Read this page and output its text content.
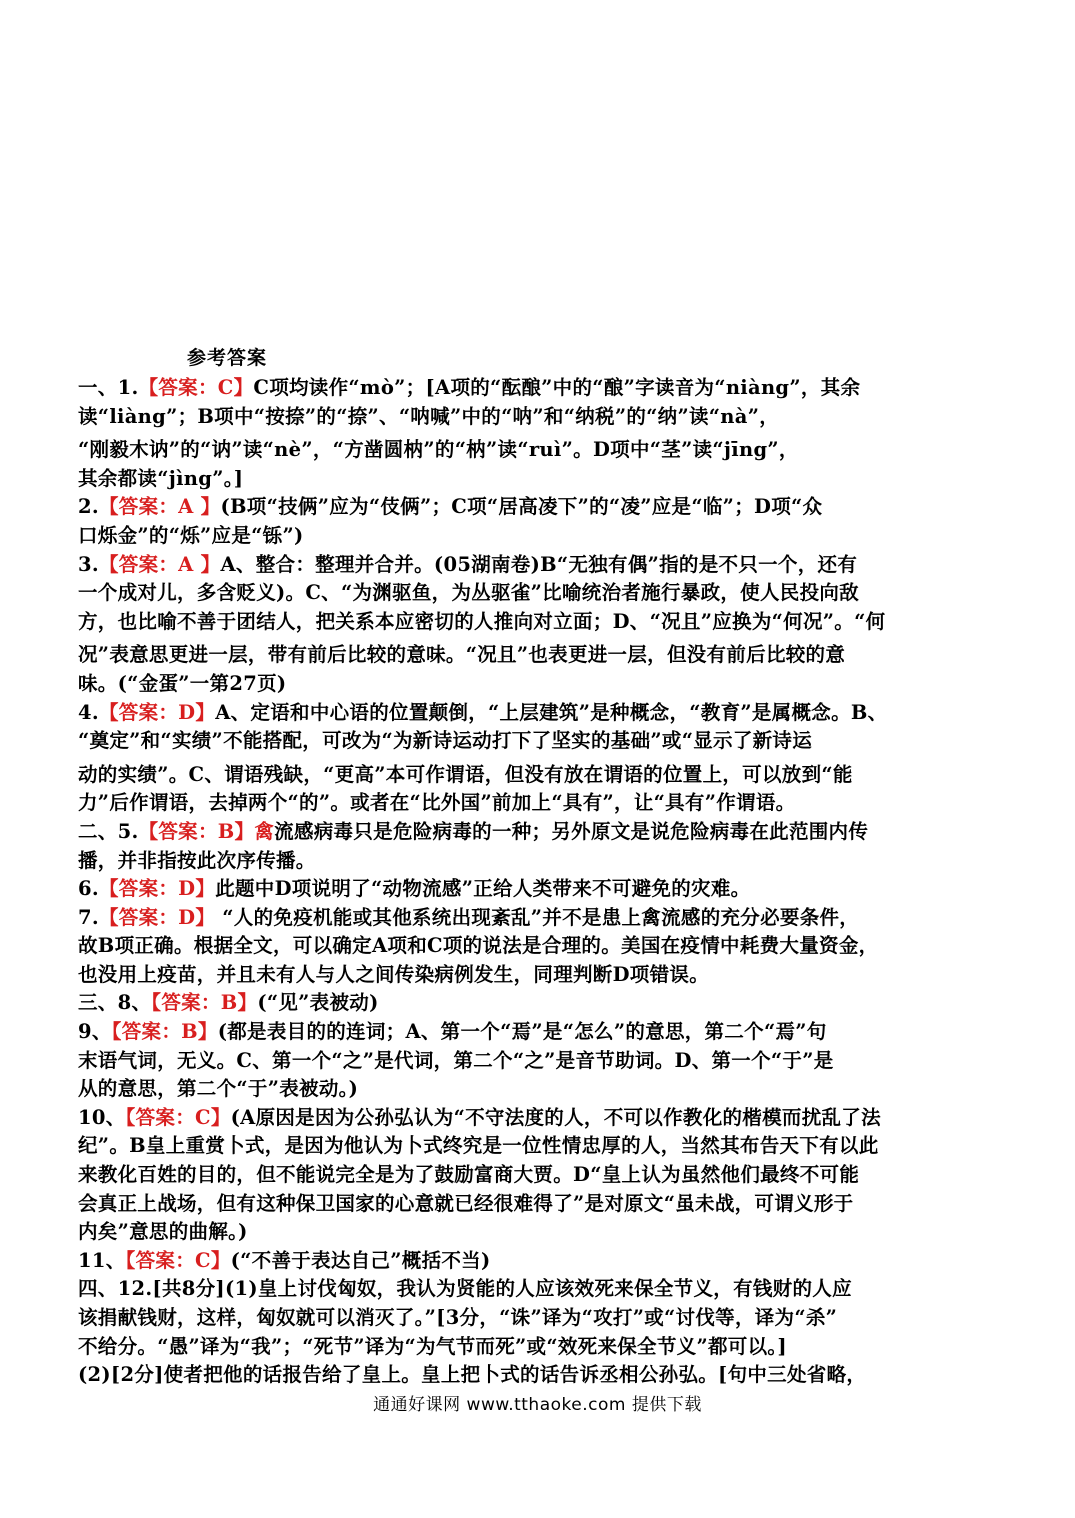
参考答案
一、1.【答案：C】C项均读作“mò”；[A项的“酝酿”中的“酿”字读音为“niàng”，其余
读“liàng”；B项中“按捺”的“捺”、“呐喊”中的“呐”和“纳税”的“纳”读“nà”，
“刚毅木讷”的“讷”读“nè”，“方凿圆枘”的“枘”读“ruì”。D项中“茎”读“jīng”，
其余都读“jìng”。]
2.【答案：A 】(B项“技俩”应为“伎俩”；C项“居高凌下”的“凌”应是“临”；D项“众
口烁金”的“烁”应是“铄”)
3.【答案：A 】A、整合：整理并合并。(05湖南卷)B“无独有偶”指的是不只一个，还有
一个成对儿，多含贬义)。C、“为渊驱鱼，为丛驱雀”比喻统治者施行暴政，使人民投向敌
方，也比喻不善于团结人，把关系本应密切的人推向对立面；D、“况且”应换为“何况”。“何
况”表意思更进一层，带有前后比较的意味。“况且”也表更进一层，但没有前后比较的意
味。(“金蛋”一第27页)
4.【答案：D】A、定语和中心语的位置颠倒，“上层建筑”是种概念，“教育”是属概念。B、
“奠定”和“实绩”不能搭配，可改为“为新诗运动打下了坚实的基础”或“显示了新诗运
动的实绩”。C、谓语残缺，“更高”本可作谓语，但没有放在谓语的位置上，可以放到“能
力”后作谓语，去掉两个“的”。或者在“比外国”前加上“具有”，让“具有”作谓语。
二、5.【答案：B】禽流感病毒只是危险病毒的一种；另外原文是说危险病毒在此范围内传
播，并非指按此次序传播。
6.【答案：D】此题中D项说明了“动物流感”正给人类带来不可避免的灾难。
7.【答案：D】 “人的免疫机能或其他系统出现紊乱”并不是患上禽流感的充分必要条件，
故B项正确。根据全文，可以确定A项和C项的说法是合理的。美国在疫情中耗费大量资金，
也没用上疫苗，并且未有人与人之间传染病例发生，同理判断D项错误。
三、8、【答案：B】(“见”表被动)
9、【答案：B】(都是表目的的连词；A、第一个“焉”是“怎么”的意思，第二个“焉”句
末语气词，无义。C、第一个“之”是代词，第二个“之”是音节助词。D、第一个“于”是
从的意思，第二个“于”表被动。)
10、【答案：C】(A原因是因为公孙弘认为“不守法度的人，不可以作教化的楷模而扰乱了法
纪”。B皇上重赏卜式，是因为他认为卜式终究是一位性情忠厚的人，当然其布告天下有以此
来教化百姓的目的，但不能说完全是为了鼓励富商大贾。D“皇上认为虽然他们最终不可能
会真正上战场，但有这种保卫国家的心意就已经很难得了”是对原文“虽未战，可谓义形于
内矣”意思的曲解。)
11、【答案：C】(“不善于表达自己”概括不当)
四、12.[共8分](1)皇上讨伐匈奴，我认为贤能的人应该效死来保全节义，有钱财的人应
该捐献钱财，这样，匈奴就可以消灭了。”[3分，“诛”译为“攻打”或“讨伐等，译为“杀”
不给分。“愚”译为“我”；“死节”译为“为气节而死”或“效死来保全节义”都可以。]
(2)[2分]使者把他的话报告给了皇上。皇上把卜式的话告诉丞相公孙弘。[句中三处省略，
通通好课网 www.tthaoke.com 提供下载
